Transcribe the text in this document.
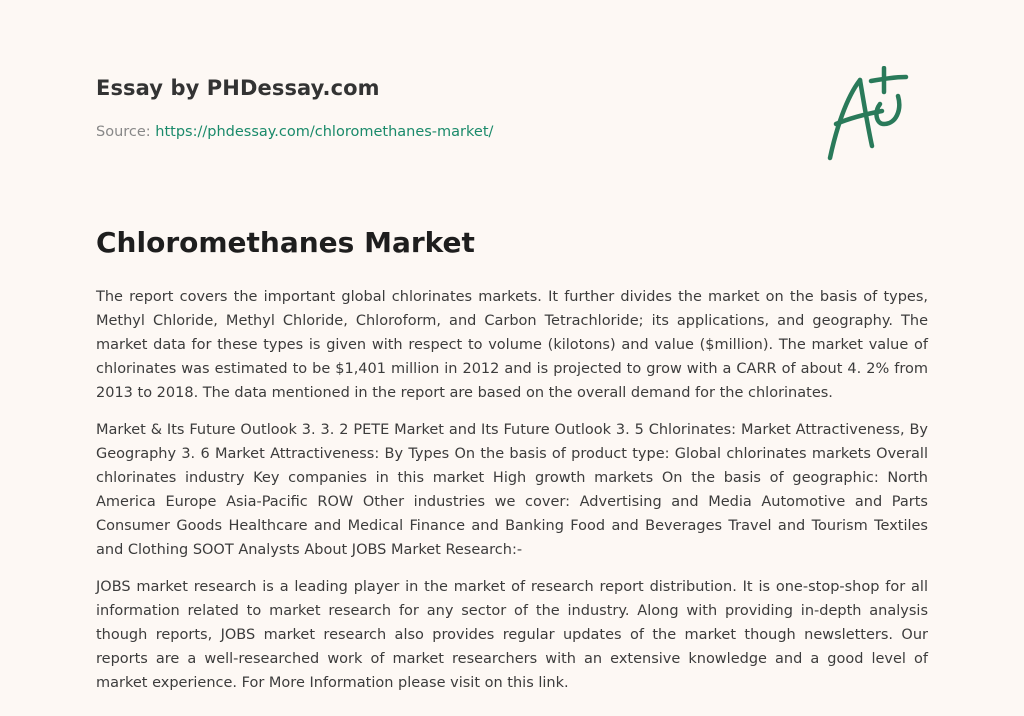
Essay by PHDessay.com
Source: https://phdessay.com/chloromethanes-market/
Chloromethanes Market

The report covers the important global chlorinates markets. It further divides the market on the basis of types, Methyl Chloride, Methyl Chloride, Chloroform, and Carbon Tetrachloride; its applications, and geography. The market data for these types is given with respect to volume (kilotons) and value ($million). The market value of chlorinates was estimated to be $1,401 million in 2012 and is projected to grow with a CARR of about 4. 2% from 2013 to 2018. The data mentioned in the report are based on the overall demand for the chlorinates.

Market & Its Future Outlook 3. 3. 2 PETE Market and Its Future Outlook 3. 5 Chlorinates: Market Attractiveness, By Geography 3. 6 Market Attractiveness: By Types On the basis of product type: Global chlorinates markets Overall chlorinates industry Key companies in this market High growth markets On the basis of geographic: North America Europe Asia-Pacific ROW Other industries we cover: Advertising and Media Automotive and Parts Consumer Goods Healthcare and Medical Finance and Banking Food and Beverages Travel and Tourism Textiles and Clothing SOOT Analysts About JOBS Market Research:-

JOBS market research is a leading player in the market of research report distribution. It is one-stop-shop for all information related to market research for any sector of the industry. Along with providing in-depth analysis though reports, JOBS market research also provides regular updates of the market though newsletters. Our reports are a well-researched work of market researchers with an extensive knowledge and a good level of market experience. For More Information please visit on this link.
